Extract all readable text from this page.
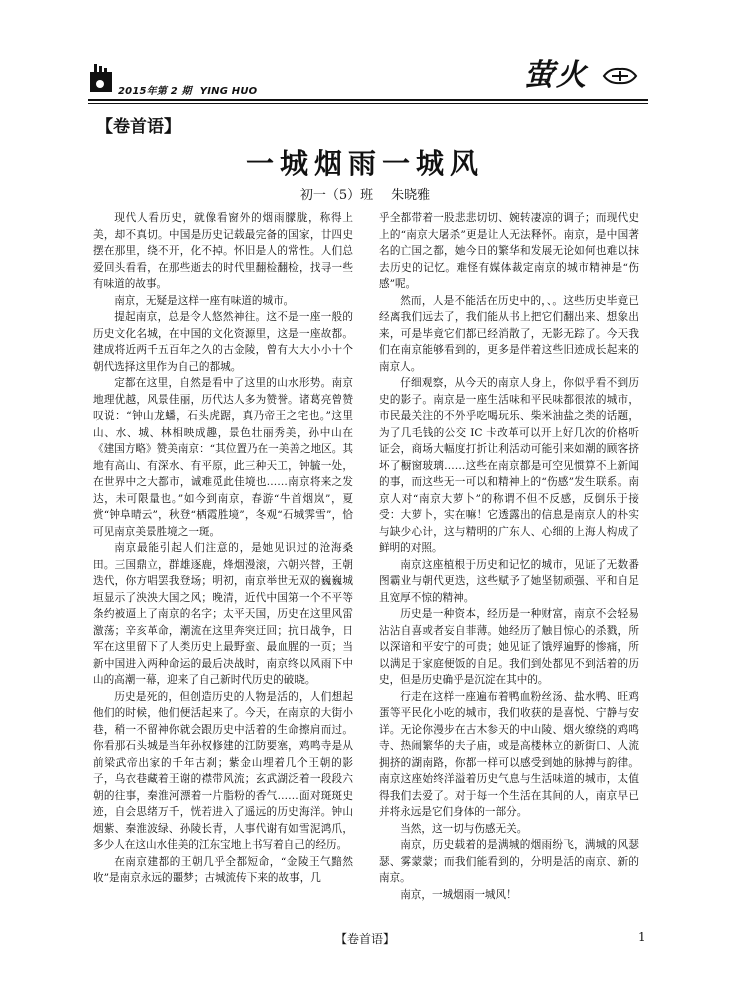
2015年第 2 期 YING HUO	萤火
【卷首语】
一城烟雨一城风
初一（5）班 朱晓雅

现代人看历史，就像看窗外的烟雨朦胧，称得上美，却不真切。中国是历史记载最完备的国家，廿四史摆在那里，绕不开，化不掉。怀旧是人的常性。人们总爱回头看看，在那些逝去的时代里翻检翻检，找寻一些有味道的故事。

南京，无疑是这样一座有味道的城市。

提起南京，总是令人悠然神往。这不是一座一般的历史文化名城，在中国的文化资源里，这是一座故都。建成将近两千五百年之久的古金陵，曾有大大小小十个朝代选择这里作为自己的都城。

定都在这里，自然是看中了这里的山水形势。南京地理优越，风景佳丽，历代达人多为赞誉。诸葛亮曾赞叹说：“钟山龙蟠，石头虎踞，真乃帝王之宅也。”这里山、水、城、林相映成趣，景色壮丽秀美，孙中山在《建国方略》赞美南京：“其位置乃在一美善之地区。其地有高山、有深水、有平原，此三种天工，钟毓一处，在世界中之大都市，诚难觅此佳境也……南京将来之发达，未可限量也。”如今到南京，春游“牛首烟岚”，夏赏“钟阜晴云”，秋登“栖霞胜境”，冬观“石城霁雪”，恰可见南京美景胜境之一斑。

南京最能引起人们注意的，是她见识过的沧海桑田。三国鼎立，群雄逐鹿，烽烟漫滚，六朝兴替，王朝迭代，你方唱罢我登场；明初，南京举世无双的巍巍城垣显示了泱泱大国之风；晚清，近代中国第一个不平等条约被逼上了南京的名字；太平天国，历史在这里风雷激荡；辛亥革命，潮流在这里奔突迂回；抗日战争，日军在这里留下了人类历史上最野蛮、最血腥的一页；当新中国进入两种命运的最后决战时，南京终以风雨下中山的高潮一幕，迎来了自己新时代历史的破晓。

历史是死的，但创造历史的人物是活的，人们想起他们的时候，他们便活起来了。今天，在南京的大街小巷，稍一不留神你就会跟历史中活着的生命擦肩而过。你看那石头城是当年孙权修建的江防要塞，鸡鸣寺是从前梁武帝出家的千年古刹；紫金山埋着几个王朝的影子，乌衣巷藏着王谢的襟带风流；玄武湖泛着一段段六朝的往事，秦淮河漂着一片脂粉的香气……面对斑斑史迹，自会思绪万千，恍若进入了遥远的历史海洋。钟山烟紫、秦淮波绿、孙陵长青，人事代谢有如雪泥鸿爪，多少人在这山水佳美的江东宝地上书写着自己的经历。

在南京建都的王朝几乎全都短命，“金陵王气黯然收”是南京永远的噩梦；古城流传下来的故事，几

乎全都带着一股悲悲切切、婉转凄凉的调子；而现代史上的“南京大屠杀”更是让人无法释怀。南京，是中国著名的亡国之都，她今日的繁华和发展无论如何也难以抹去历史的记忆。难怪有媒体裁定南京的城市精神是“伤感”呢。

然而，人是不能活在历史中的，、。这些历史毕竟已经离我们远去了，我们能从书上把它们翻出来、想象出来，可是毕竟它们都已经消散了，无影无踪了。今天我们在南京能够看到的，更多是伴着这些旧迹成长起来的南京人。

仔细观察，从今天的南京人身上，你似乎看不到历史的影子。南京是一座生活味和平民味都很浓的城市，市民最关注的不外乎吃喝玩乐、柴米油盐之类的话题，为了几毛钱的公交 IC 卡改革可以开上好几次的价格听证会，商场大幅度打折让利活动可能引来如潮的顾客挤坏了橱窗玻璃……这些在南京都是可空见惯算不上新闻的事，而这些无一可以和精神上的“伤感”发生联系。南京人对“南京大萝卜”的称谓不但不反感，反倒乐于接受：大萝卜，实在嘛！它透露出的信息是南京人的朴实与缺少心计，这与精明的广东人、心细的上海人构成了鲜明的对照。

南京这座植根于历史和记忆的城市，见证了无数番图霸业与朝代更迭，这些赋予了她坚韧顽强、平和自足且宽厚不惊的精神。

历史是一种资本，经历是一种财富，南京不会轻易沾沾自喜或者妄自菲薄。她经历了触目惊心的杀戮，所以深谙和平安宁的可贵；她见证了饿殍遍野的惨痛，所以满足于家庭便饭的自足。我们到处都见不到活着的历史，但是历史确乎是沉淀在其中的。

行走在这样一座遍布着鸭血粉丝汤、盐水鸭、旺鸡蛋等平民化小吃的城市，我们收获的是喜悦、宁静与安详。无论你漫步在古木参天的中山陵、烟火缭绕的鸡鸣寺、热闹繁华的夫子庙，或是高楼林立的新街口、人流拥挤的湖南路，你都一样可以感受到她的脉搏与韵律。南京这座始终洋溢着历史气息与生活味道的城市，太值得我们去爱了。对于每一个生活在其间的人，南京早已并将永远是它们身体的一部分。

当然，这一切与伤感无关。

南京，历史载着的是满城的烟雨纷飞，满城的风瑟瑟、雾蒙蒙；而我们能看到的，分明是活的南京、新的南京。

南京，一城烟雨一城风！

【卷首语】	1
